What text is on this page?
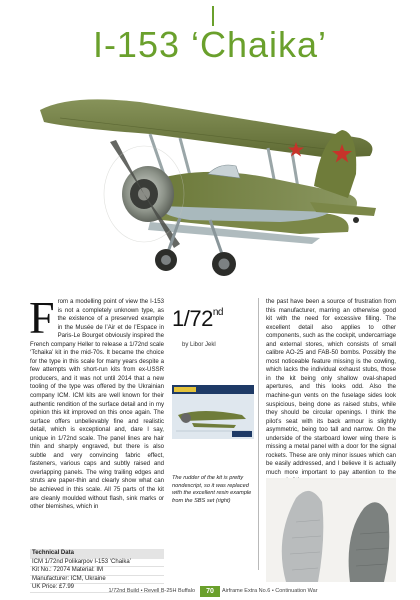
I-153 ‘Chaika’
From a modelling point of view the I-153 is not a completely unknown type, as the existence of a preserved example in the Musée de l’Air et de l’Espace in Paris-Le Bourget obviously inspired the French company Heller to release a 1/72nd scale ‘Tchaika’ kit in the mid-70s. It became the choice for the type in this scale for many years despite a few attempts with short-run kits from ex-USSR producers, and it was not until 2014 that a new tooling of the type was offered by the Ukrainian company ICM. ICM kits are well known for their authentic rendition of the surface detail and in my opinion this kit improved on this once again. The surface offers unbelievably fine and realistic detail, which is exceptional and, dare I say, unique in 1/72nd scale. The panel lines are hair thin and sharply engraved, but there is also subtle and very convincing fabric effect, fasteners, various caps and subtly raised and overlapping panels. The wing trailing edges and struts are paper-thin and clearly show what can be achieved in this scale. All 75 parts of the kit are cleanly moulded without flash, sink marks or other blemishes, which in
1/72nd
by Libor Jekl
The rudder of the kit is pretty nondescript, so it was replaced with the excellent resin example from the SBS set (right)
the past have been a source of frustration from this manufacturer, marring an otherwise good kit with the need for excessive filling. The excellent detail also applies to other components, such as the cockpit, undercarriage and external stores, which consists of small calibre AO-25 and FAB-50 bombs. Possibly the most noticeable feature missing is the cowling, which lacks the individual exhaust stubs, those in the kit being only shallow oval-shaped apertures, and this looks odd. Also the machine-gun vents on the fuselage sides look suspicious, being done as raised stubs, while they should be circular openings. I think the pilot’s seat with its back armour is slightly asymmetric, being too tall and narrow. On the underside of the starboard lower wing there is missing a metal panel with a door for the signal rockets. These are only minor issues which can be easily addressed, and I believe it is actually much more important to pay attention to the
Technical Data
ICM 1/72nd Polikarpov I-153 ‘Chaika’
Kit No.: 72074 Material: IM
Manufacturer: ICM, Ukraine
UK Price: £7.99
1/72nd Build • Revell B-25H Buffalo	70	Airframe Extra No.6 • Continuation War
